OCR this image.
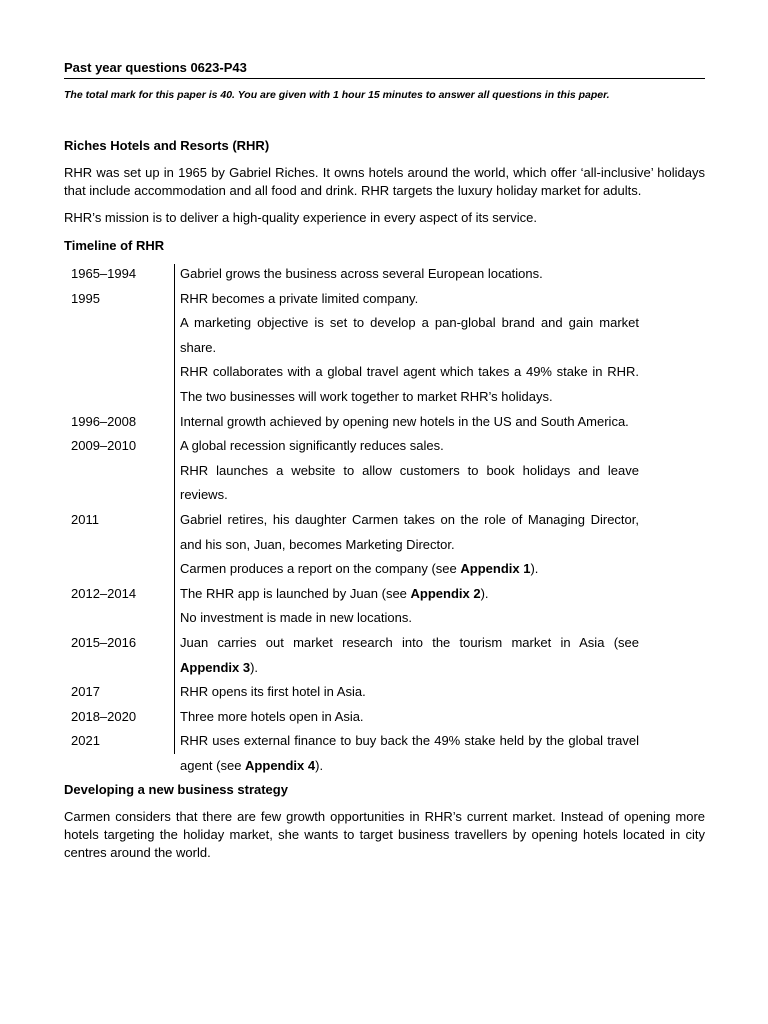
Past year questions 0623-P43
The total mark for this paper is 40. You are given with 1 hour 15 minutes to answer all questions in this paper.
Riches Hotels and Resorts (RHR)
RHR was set up in 1965 by Gabriel Riches. It owns hotels around the world, which offer ‘all-inclusive’ holidays that include accommodation and all food and drink. RHR targets the luxury holiday market for adults.
RHR’s mission is to deliver a high-quality experience in every aspect of its service.
Timeline of RHR
1965–1994	Gabriel grows the business across several European locations.
1995	RHR becomes a private limited company.
A marketing objective is set to develop a pan-global brand and gain market share.
RHR collaborates with a global travel agent which takes a 49% stake in RHR. The two businesses will work together to market RHR’s holidays.
1996–2008	Internal growth achieved by opening new hotels in the US and South America.
2009–2010	A global recession significantly reduces sales.
RHR launches a website to allow customers to book holidays and leave reviews.
2011	Gabriel retires, his daughter Carmen takes on the role of Managing Director, and his son, Juan, becomes Marketing Director.
Carmen produces a report on the company (see Appendix 1).
2012–2014	The RHR app is launched by Juan (see Appendix 2).
No investment is made in new locations.
2015–2016	Juan carries out market research into the tourism market in Asia (see Appendix 3).
2017	RHR opens its first hotel in Asia.
2018–2020	Three more hotels open in Asia.
2021	RHR uses external finance to buy back the 49% stake held by the global travel agent (see Appendix 4).
Developing a new business strategy
Carmen considers that there are few growth opportunities in RHR’s current market. Instead of opening more hotels targeting the holiday market, she wants to target business travellers by opening hotels located in city centres around the world.
